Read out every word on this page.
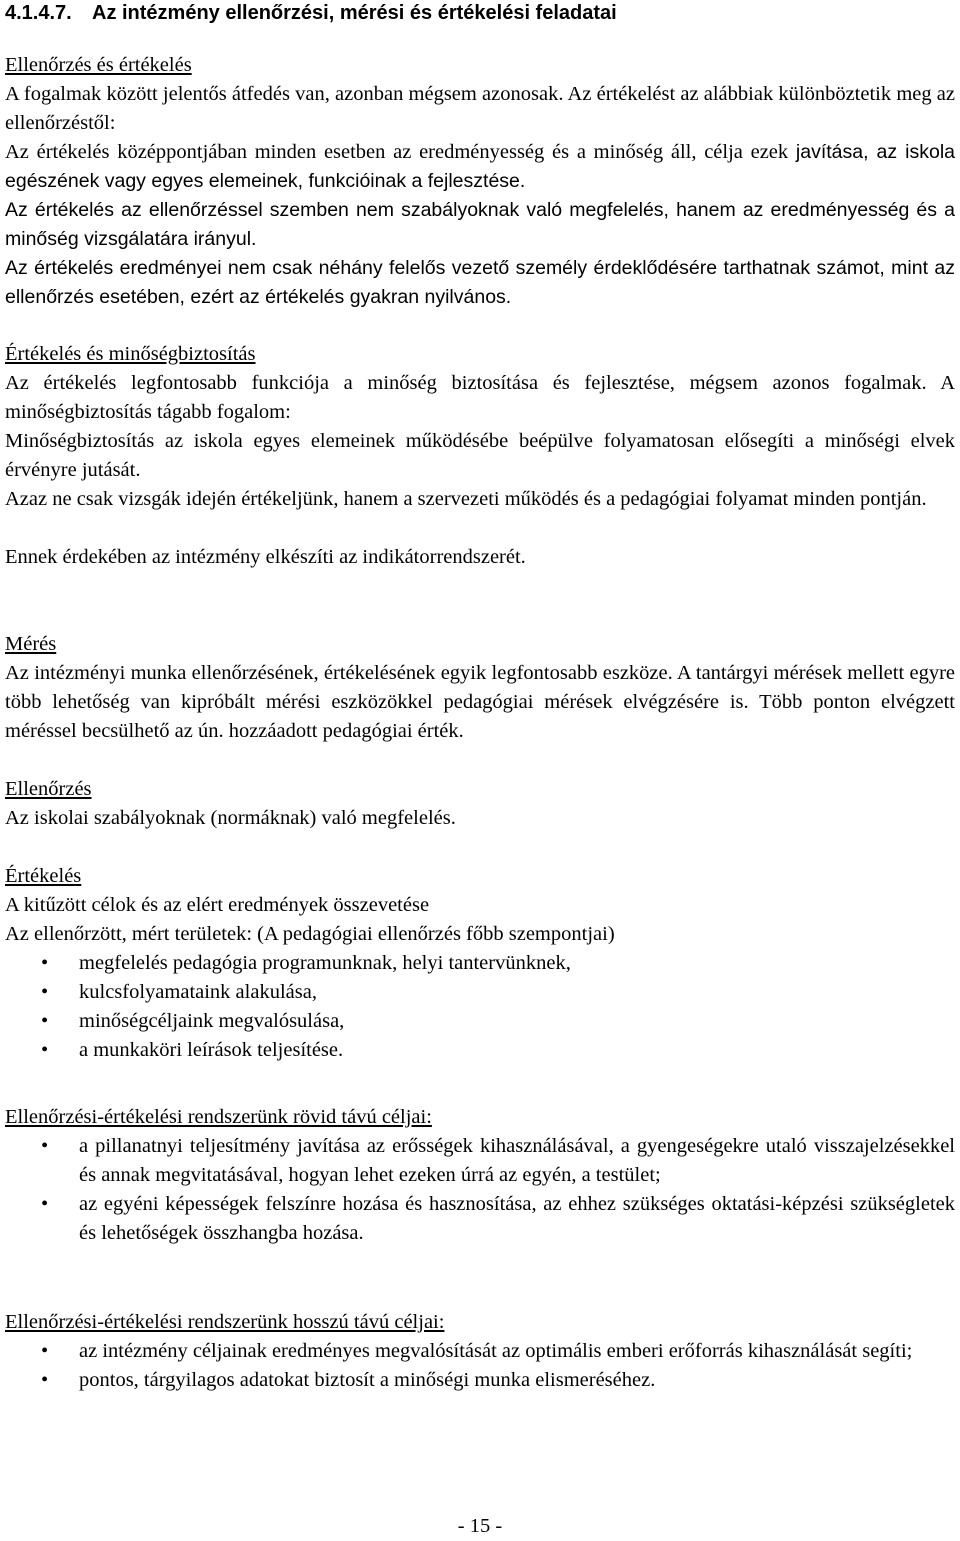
4.1.4.7. Az intézmény ellenőrzési, mérési és értékelési feladatai

Ellenőrzés és értékelés

A fogalmak között jelentős átfedés van, azonban mégsem azonosak. Az értékelést az alábbiak különböztetik meg az ellenőrzéstől:

Az értékelés középpontjában minden esetben az eredményesség és a minőség áll, célja ezek javítása, az iskola egészének vagy egyes elemeinek, funkcióinak a fejlesztése.

Az értékelés az ellenőrzéssel szemben nem szabályoknak való megfelelés, hanem az eredményesség és a minőség vizsgálatára irányul.

Az értékelés eredményei nem csak néhány felelős vezető személy érdeklődésére tarthatnak számot, mint az ellenőrzés esetében, ezért az értékelés gyakran nyilvános.

Értékelés és minőségbiztosítás

Az értékelés legfontosabb funkciója a minőség biztosítása és fejlesztése, mégsem azonos fogalmak. A minőségbiztosítás tágabb fogalom:

Minőségbiztosítás az iskola egyes elemeinek működésébe beépülve folyamatosan elősegíti a minőségi elvek érvényre jutását.

Azaz ne csak vizsgák idején értékeljünk, hanem a szervezeti működés és a pedagógiai folyamat minden pontján.

Ennek érdekében az intézmény elkészíti az indikátorrendszerét.

Mérés

Az intézményi munka ellenőrzésének, értékelésének egyik legfontosabb eszköze. A tantárgyi mérések mellett egyre több lehetőség van kipróbált mérési eszközökkel pedagógiai mérések elvégzésére is. Több ponton elvégzett méréssel becsülhető az ún. hozzáadott pedagógiai érték.

Ellenőrzés

Az iskolai szabályoknak (normáknak) való megfelelés.

Értékelés

A kitűzött célok és az elért eredmények összevetése

Az ellenőrzött, mért területek: (A pedagógiai ellenőrzés főbb szempontjai)

• megfelelés pedagógia programunknak, helyi tantervünknek,
• kulcsfolyamataink alakulása,
• minőségcéljaink megvalósulása,
• a munkaköri leírások teljesítése.

Ellenőrzési-értékelési rendszerünk rövid távú céljai:

• a pillanatnyi teljesítmény javítása az erősségek kihasználásával, a gyengeségekre utaló visszajelzésekkel és annak megvitatásával, hogyan lehet ezeken úrrá az egyén, a testület;
• az egyéni képességek felszínre hozása és hasznosítása, az ehhez szükséges oktatási-képzési szükségletek és lehetőségek összhangba hozása.

Ellenőrzési-értékelési rendszerünk hosszú távú céljai:

• az intézmény céljainak eredményes megvalósítását az optimális emberi erőforrás kihasználását segíti;
• pontos, tárgyilagos adatokat biztosít a minőségi munka elismeréséhez.
- 15 -
